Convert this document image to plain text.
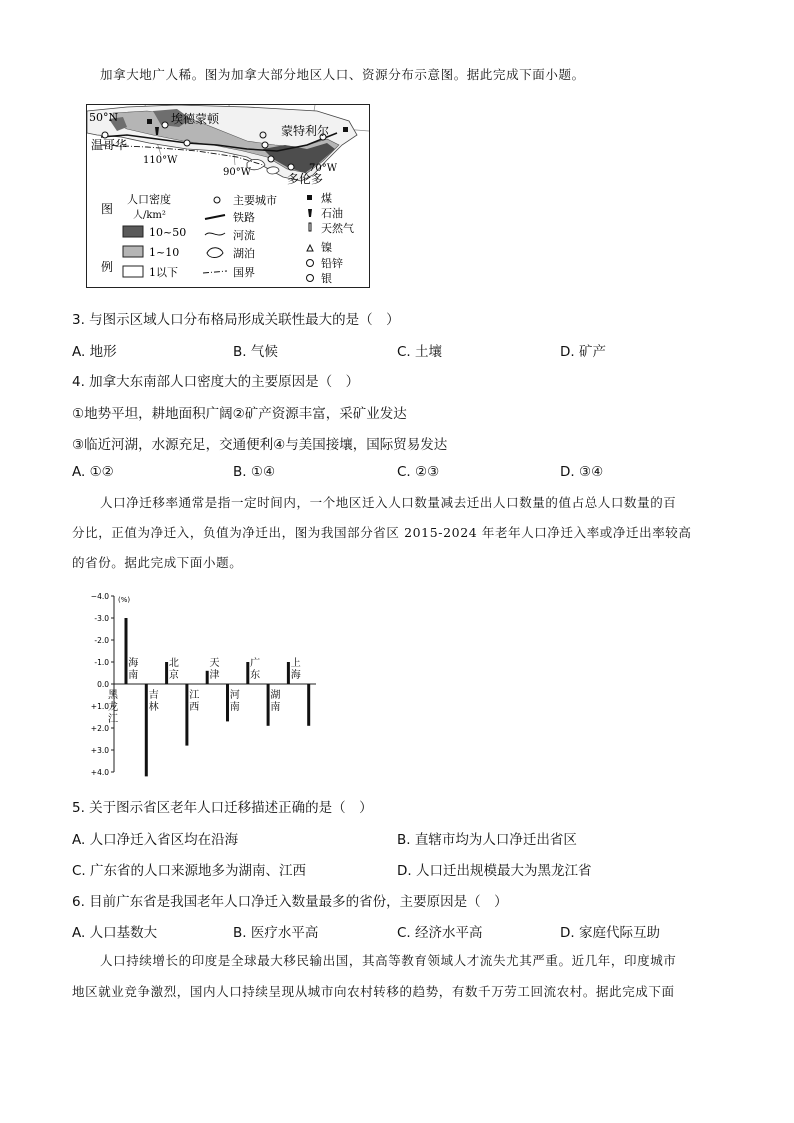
加拿大地广人稀。图为加拿大部分地区人口、资源分布示意图。据此完成下面小题。
50°N	埃德蒙顿
温哥华
110°W
蒙特利尔
90°W	70°W
多伦多
图
例
人口密度
人/km²
10~50
1~10
1以下
主要城市
铁路
河流
湖泊
国界
煤
石油
天然气
镍
铅锌
银
3. 与图示区域人口分布格局形成关联性最大的是（　）
A. 地形	B. 气候	C. 土壤	D. 矿产
4. 加拿大东南部人口密度大的主要原因是（　）
①地势平坦，耕地面积广阔②矿产资源丰富，采矿业发达
③临近河湖，水源充足，交通便利④与美国接壤，国际贸易发达
A. ①②	B. ①④	C. ②③	D. ③④
人口净迁移率通常是指一定时间内，一个地区迁入人口数量减去迁出人口数量的值占总人口数量的百
分比，正值为净迁入，负值为净迁出，图为我国部分省区 2015-2024 年老年人口净迁入率或净迁出率较高
的省份。据此完成下面小题。
−4.0
-3.0
-2.0
-1.0
0.0
+1.0
+2.0
+3.0
+4.0
(%)
黑
龙
江
海
南
吉
林
北
京
江
西
天
津
河
南
广
东
湖
南
上
海
5. 关于图示省区老年人口迁移描述正确的是（　）
A. 人口净迁入省区均在沿海	B. 直辖市均为人口净迁出省区
C. 广东省的人口来源地多为湖南、江西	D. 人口迁出规模最大为黑龙江省
6. 目前广东省是我国老年人口净迁入数量最多的省份，主要原因是（　）
A. 人口基数大	B. 医疗水平高	C. 经济水平高	D. 家庭代际互助
人口持续增长的印度是全球最大移民输出国，其高等教育领域人才流失尤其严重。近几年，印度城市
地区就业竞争激烈，国内人口持续呈现从城市向农村转移的趋势，有数千万劳工回流农村。据此完成下面
